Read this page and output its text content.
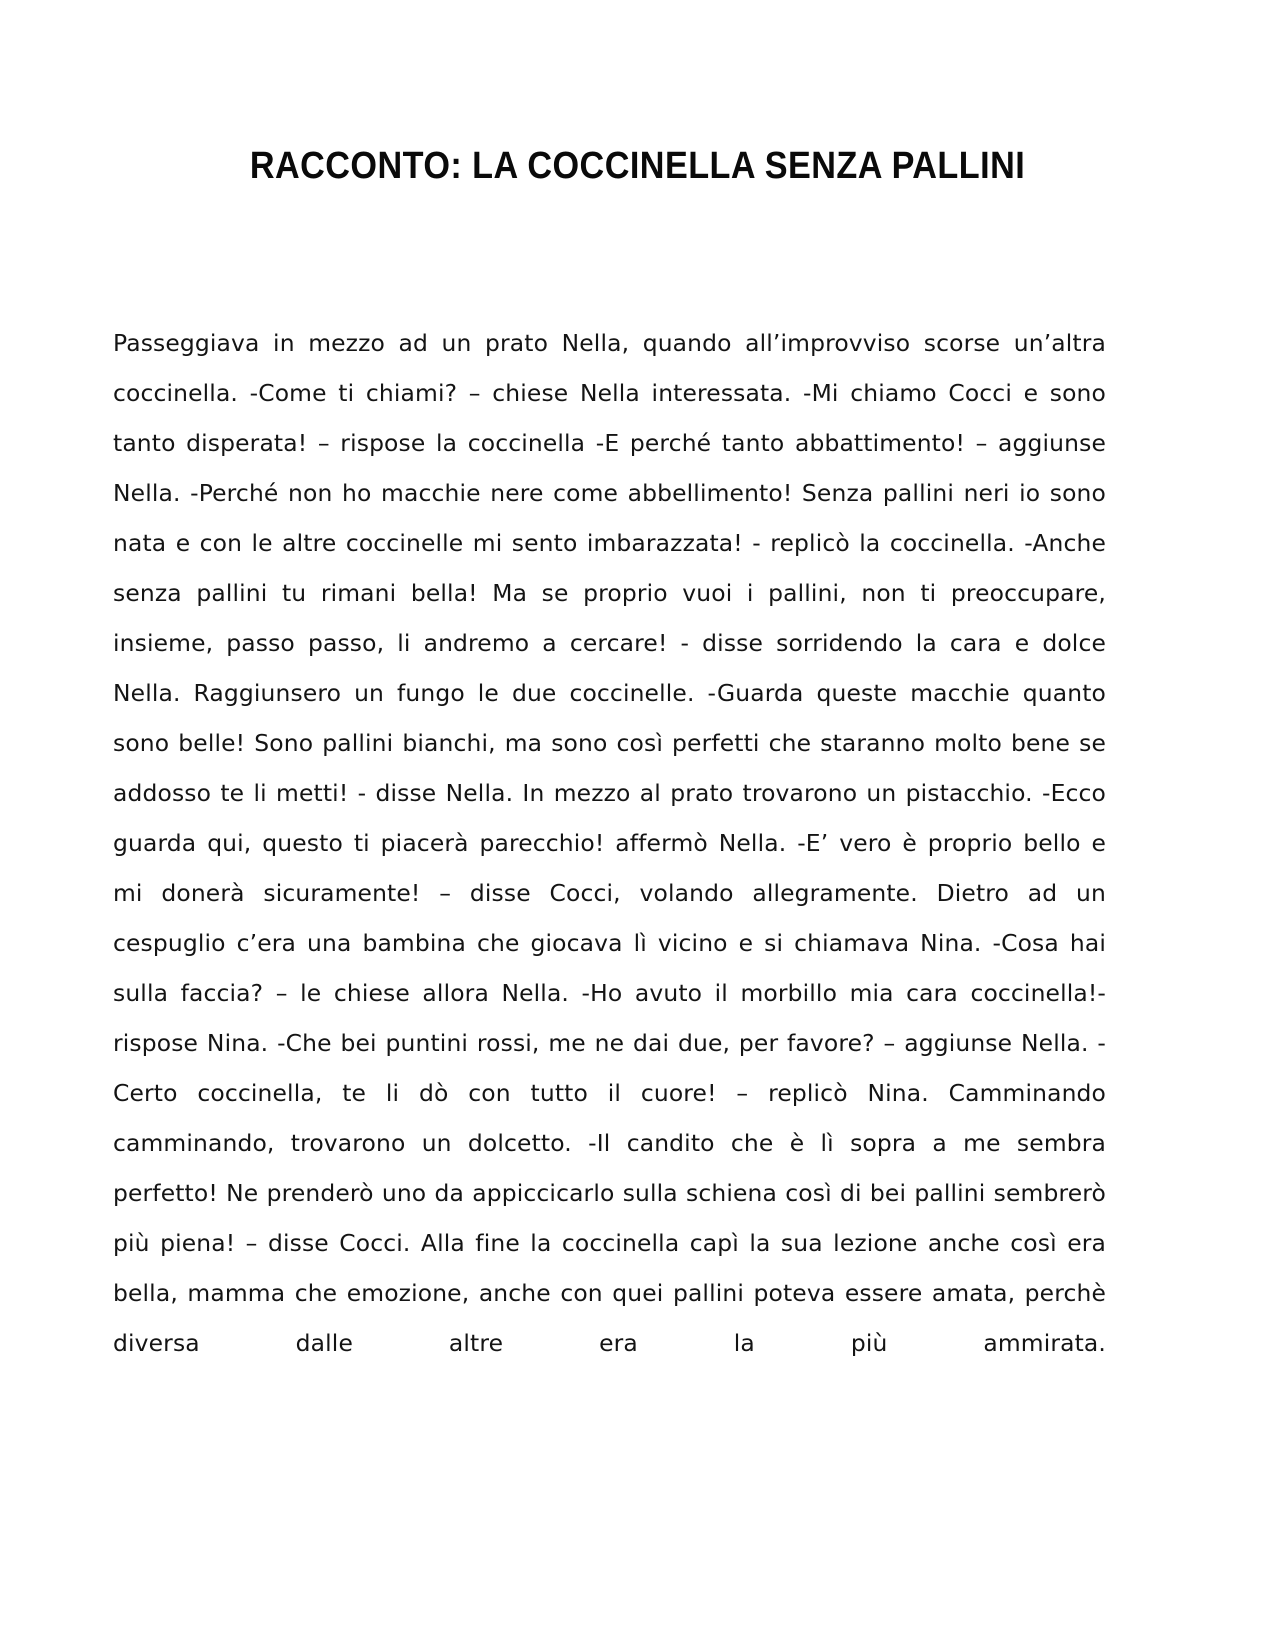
RACCONTO: LA COCCINELLA SENZA PALLINI
Passeggiava in mezzo ad un prato Nella, quando all’improvviso scorse un’altra coccinella. -Come ti chiami? – chiese Nella interessata. -Mi chiamo Cocci e sono tanto disperata! – rispose la coccinella -E perché tanto abbattimento! – aggiunse Nella. -Perché non ho macchie nere come abbellimento! Senza pallini neri io sono nata e con le altre coccinelle mi sento imbarazzata! - replicò la coccinella. -Anche senza pallini tu rimani bella! Ma se proprio vuoi i pallini, non ti preoccupare, insieme, passo passo, li andremo a cercare! - disse sorridendo la cara e dolce Nella. Raggiunsero un fungo le due coccinelle. -Guarda queste macchie quanto sono belle! Sono pallini bianchi, ma sono così perfetti che staranno molto bene se addosso te li metti! - disse Nella. In mezzo al prato trovarono un pistacchio. -Ecco guarda qui, questo ti piacerà parecchio! affermò Nella. -E’ vero è proprio bello e mi donerà sicuramente! – disse Cocci, volando allegramente. Dietro ad un cespuglio c’era una bambina che giocava lì vicino e si chiamava Nina. -Cosa hai sulla faccia? – le chiese allora Nella. -Ho avuto il morbillo mia cara coccinella!- rispose Nina. -Che bei puntini rossi, me ne dai due, per favore? – aggiunse Nella. -Certo coccinella, te li dò con tutto il cuore! – replicò Nina. Camminando camminando, trovarono un dolcetto. -Il candito che è lì sopra a me sembra perfetto! Ne prenderò uno da appiccicarlo sulla schiena così di bei pallini sembrerò più piena! – disse Cocci. Alla fine la coccinella capì la sua lezione anche così era bella, mamma che emozione, anche con quei pallini poteva essere amata, perchè diversa dalle altre era la più ammirata.
